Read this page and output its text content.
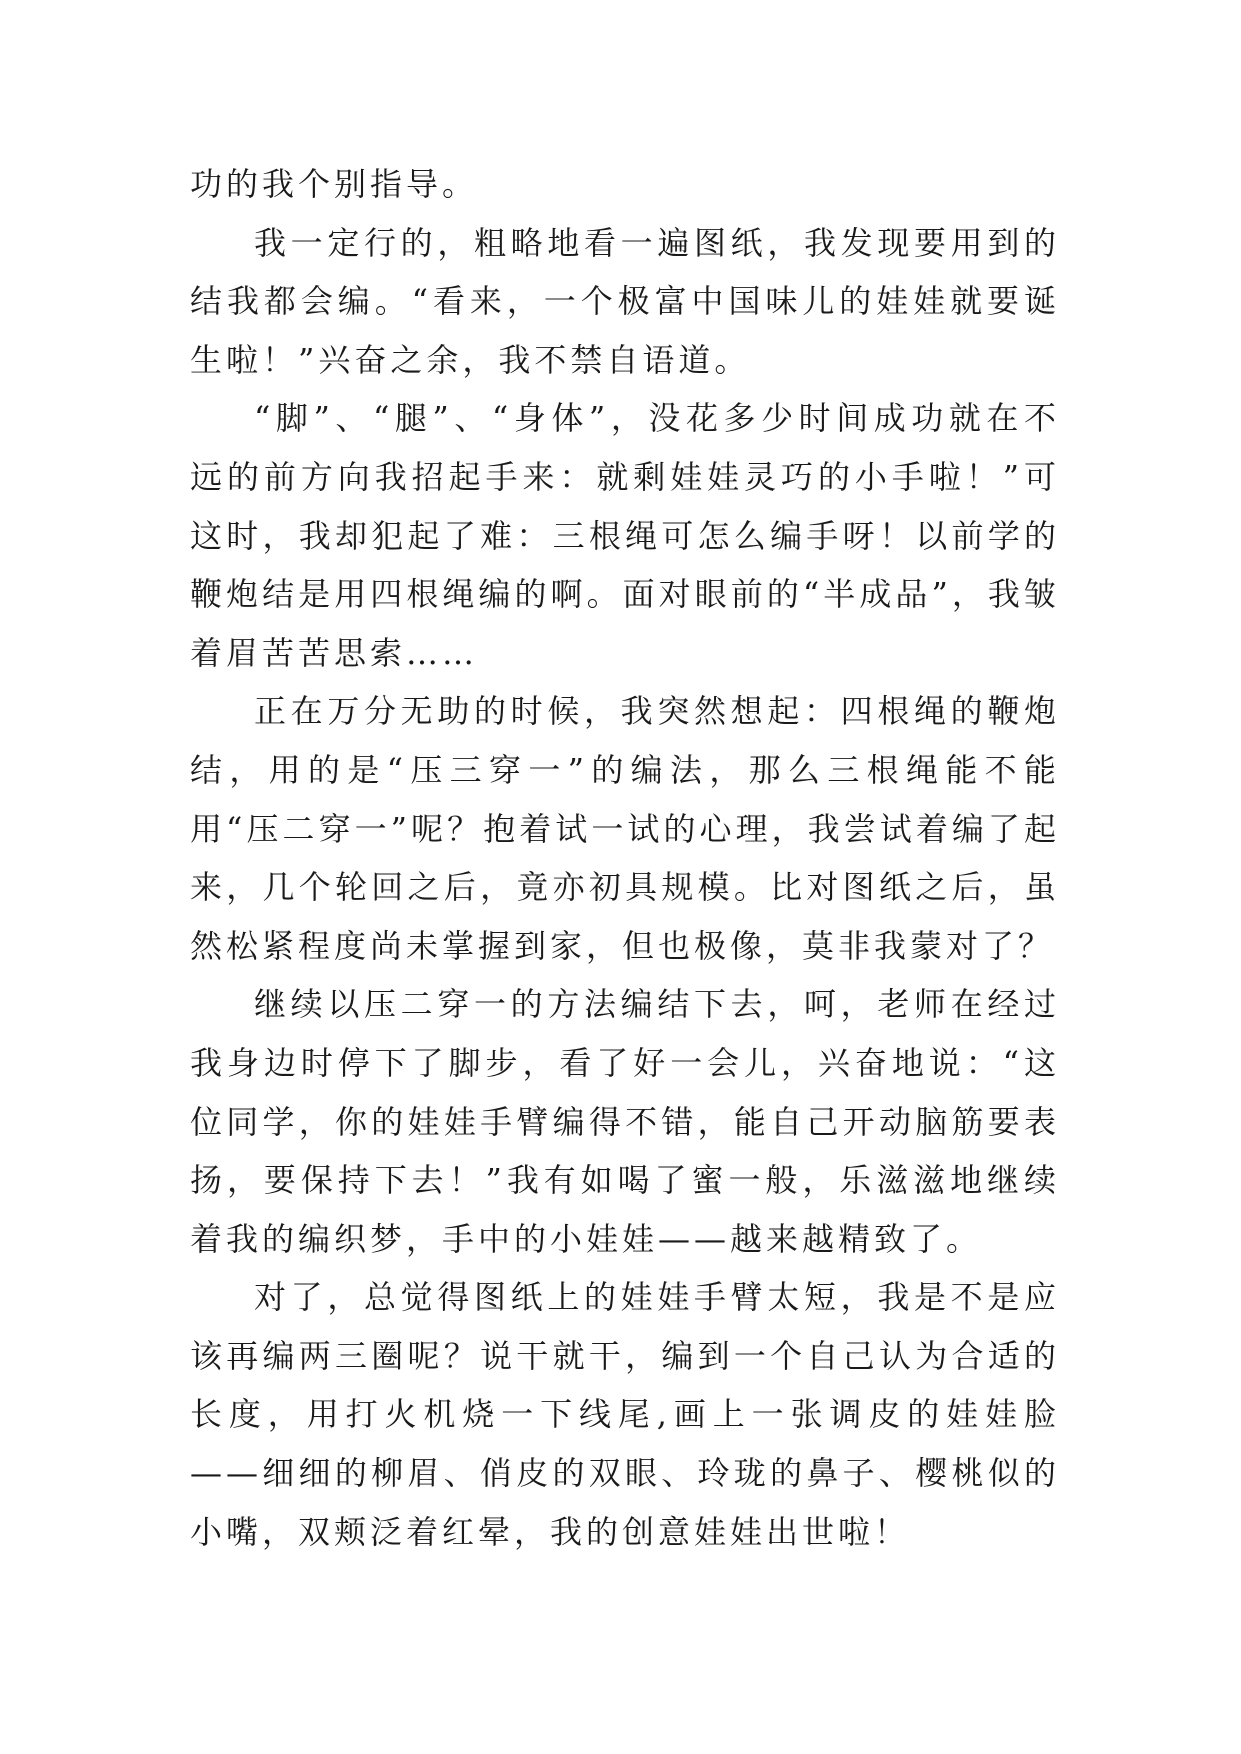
功的我个别指导。

我一定行的，粗略地看一遍图纸，我发现要用到的结我都会编。“看来，一个极富中国味儿的娃娃就要诞生啦！”兴奋之余，我不禁自语道。

“脚”、“腿”、“身体”，没花多少时间成功就在不远的前方向我招起手来：就剩娃娃灵巧的小手啦！”可这时，我却犯起了难：三根绳可怎么编手呀！以前学的鞭炮结是用四根绳编的啊。面对眼前的“半成品”，我皱着眉苦苦思索……

正在万分无助的时候，我突然想起：四根绳的鞭炮结，用的是“压三穿一”的编法，那么三根绳能不能用“压二穿一”呢？抱着试一试的心理，我尝试着编了起来，几个轮回之后，竟亦初具规模。比对图纸之后，虽然松紧程度尚未掌握到家，但也极像，莫非我蒙对了？

继续以压二穿一的方法编结下去，呵，老师在经过我身边时停下了脚步，看了好一会儿，兴奋地说：“这位同学，你的娃娃手臂编得不错，能自己开动脑筋要表扬，要保持下去！”我有如喝了蜜一般，乐滋滋地继续着我的编织梦，手中的小娃娃——越来越精致了。

对了，总觉得图纸上的娃娃手臂太短，我是不是应该再编两三圈呢？说干就干，编到一个自己认为合适的长度，用打火机烧一下线尾,画上一张调皮的娃娃脸——细细的柳眉、俏皮的双眼、玲珑的鼻子、樱桃似的小嘴，双颊泛着红晕，我的创意娃娃出世啦！
